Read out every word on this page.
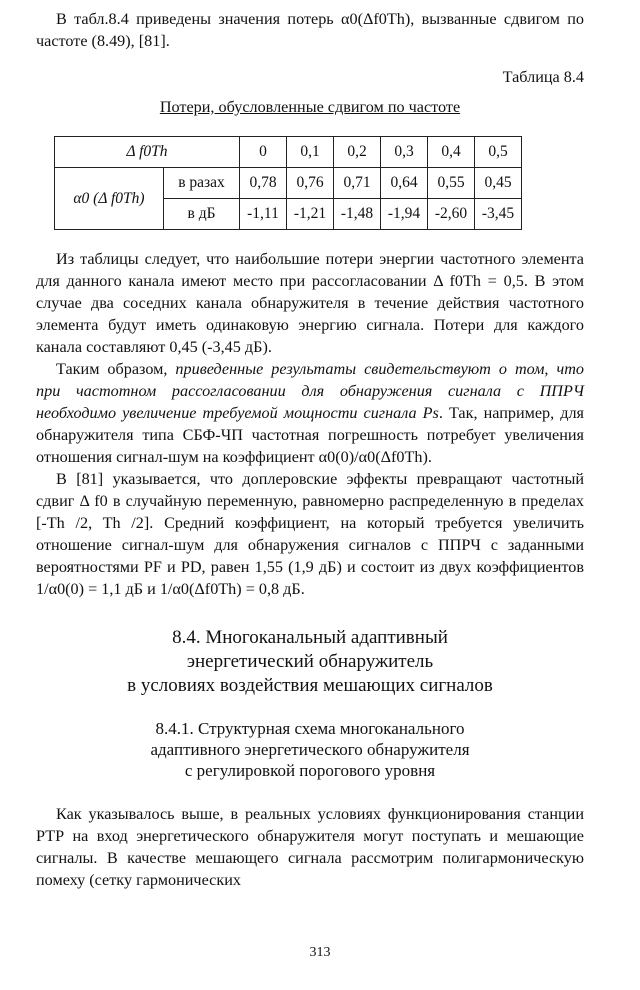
В табл.8.4 приведены значения потерь α0(Δf0Th), вызванные сдвигом по частоте (8.49), [81].

Таблица 8.4
Потери, обусловленные сдвигом по частоте
Δ f0Th		0	0,1	0,2	0,3	0,4	0,5
α0 (Δ f0Th)	в разах	0,78	0,76	0,71	0,64	0,55	0,45
	в дБ	-1,11	-1,21	-1,48	-1,94	-2,60	-3,45

Из таблицы следует, что наибольшие потери энергии частотного элемента для данного канала имеют место при рассогласовании Δ f0Th = 0,5. В этом случае два соседних канала обнаружителя в течение действия частотного элемента будут иметь одинаковую энергию сигнала. Потери для каждого канала составляют 0,45 (-3,45 дБ).

Таким образом, приведенные результаты свидетельствуют о том, что при частотном рассогласовании для обнаружения сигнала с ППРЧ необходимо увеличение требуемой мощности сигнала Ps. Так, например, для обнаружителя типа СБФ-ЧП частотная погрешность потребует увеличения отношения сигнал-шум на коэффициент α0(0)/α0(Δf0Th).

В [81] указывается, что доплеровские эффекты превращают частотный сдвиг Δ f0 в случайную переменную, равномерно распределенную в пределах [-Th /2, Th /2]. Средний коэффициент, на который требуется увеличить отношение сигнал-шум для обнаружения сигналов с ППРЧ с заданными вероятностями PF и PD, равен 1,55 (1,9 дБ) и состоит из двух коэффициентов 1/α0(0) = 1,1 дБ и 1/α0(Δf0Th) = 0,8 дБ.

8.4. Многоканальный адаптивный
энергетический обнаружитель
в условиях воздействия мешающих сигналов
8.4.1. Структурная схема многоканального
адаптивного энергетического обнаружителя
с регулировкой порогового уровня

Как указывалось выше, в реальных условиях функционирования станции РТР на вход энергетического обнаружителя могут поступать и мешающие сигналы. В качестве мешающего сигнала рассмотрим полигармоническую помеху (сетку гармонических

313
